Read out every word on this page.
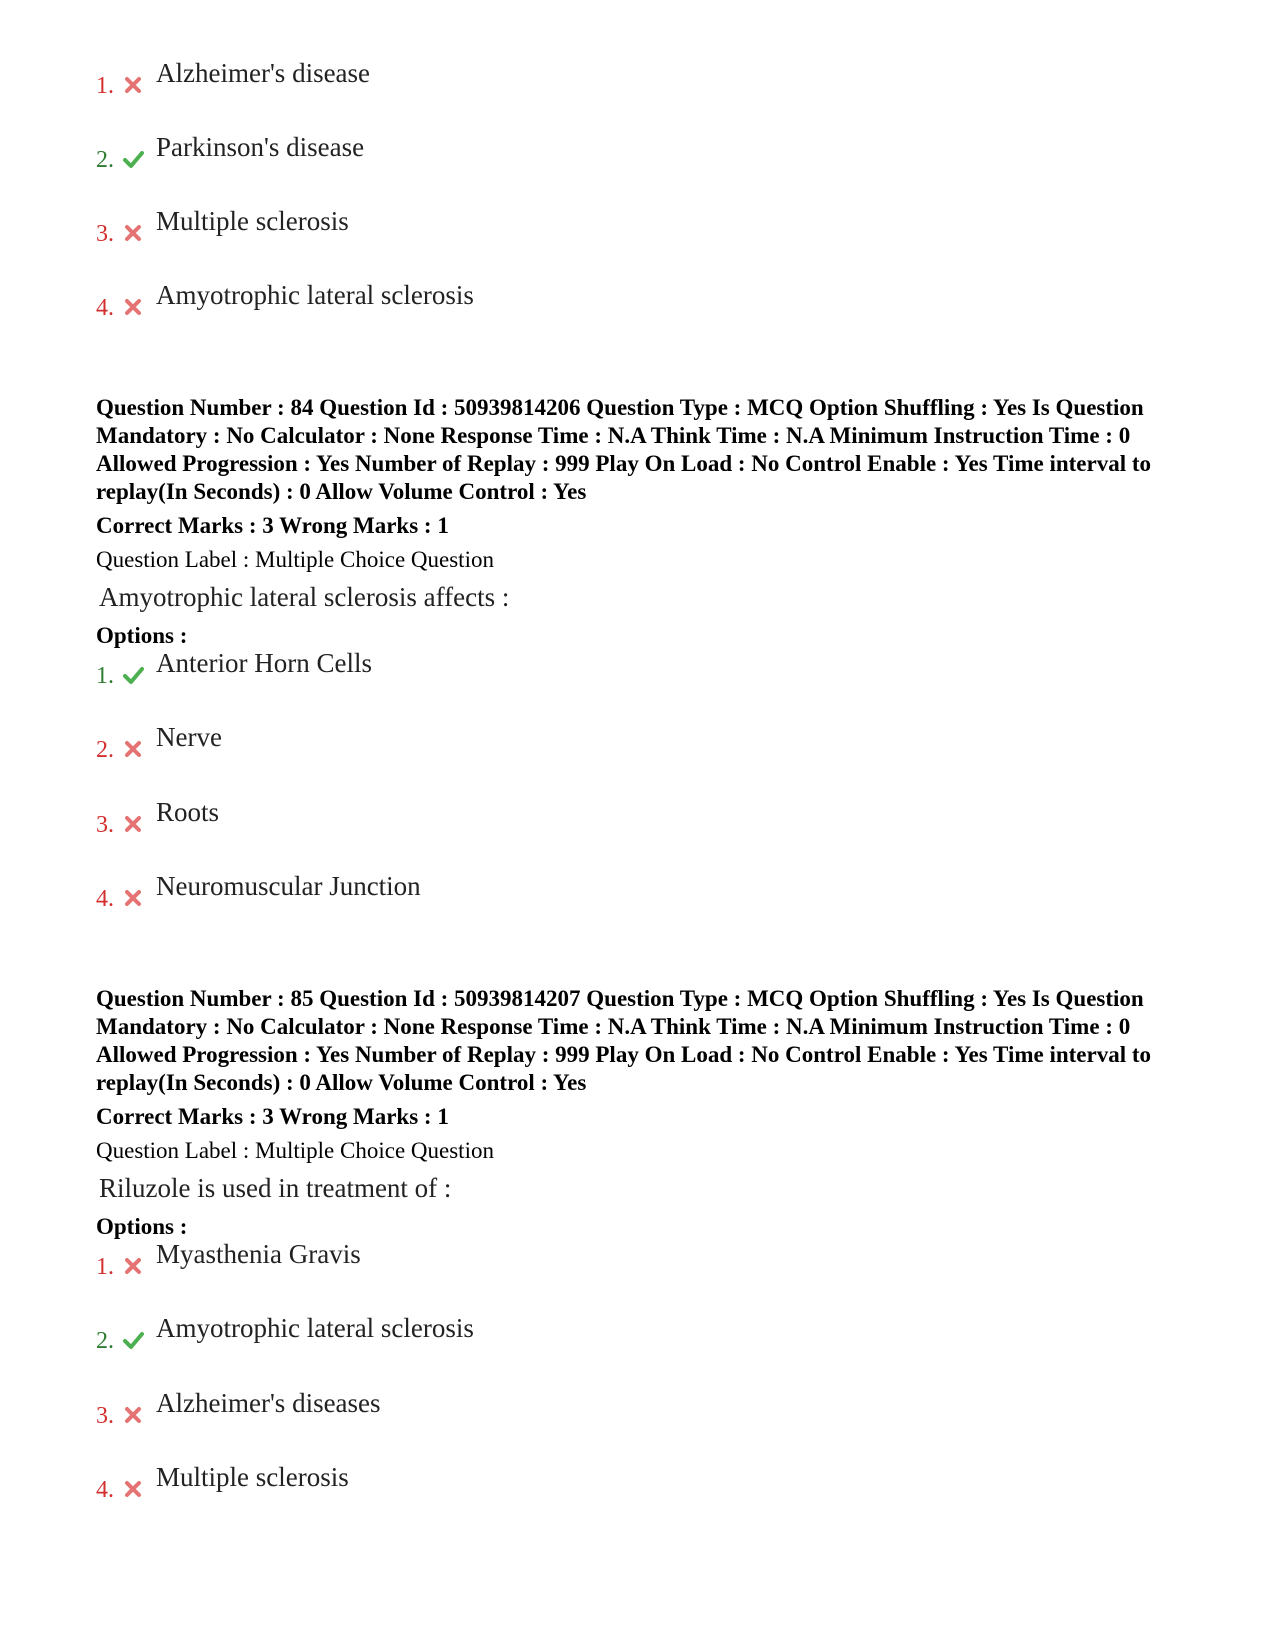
1. Alzheimer's disease
2. Parkinson's disease
3. Multiple sclerosis
4. Amyotrophic lateral sclerosis

Question Number : 84 Question Id : 50939814206 Question Type : MCQ Option Shuffling : Yes Is Question Mandatory : No Calculator : None Response Time : N.A Think Time : N.A Minimum Instruction Time : 0 Allowed Progression : Yes Number of Replay : 999 Play On Load : No Control Enable : Yes Time interval to replay(In Seconds) : 0 Allow Volume Control : Yes

Correct Marks : 3 Wrong Marks : 1

Question Label : Multiple Choice Question

Amyotrophic lateral sclerosis affects :

Options :

1. Anterior Horn Cells
2. Nerve
3. Roots
4. Neuromuscular Junction

Question Number : 85 Question Id : 50939814207 Question Type : MCQ Option Shuffling : Yes Is Question Mandatory : No Calculator : None Response Time : N.A Think Time : N.A Minimum Instruction Time : 0 Allowed Progression : Yes Number of Replay : 999 Play On Load : No Control Enable : Yes Time interval to replay(In Seconds) : 0 Allow Volume Control : Yes

Correct Marks : 3 Wrong Marks : 1

Question Label : Multiple Choice Question

Riluzole is used in treatment of :

Options :

1. Myasthenia Gravis
2. Amyotrophic lateral sclerosis
3. Alzheimer's diseases
4. Multiple sclerosis
